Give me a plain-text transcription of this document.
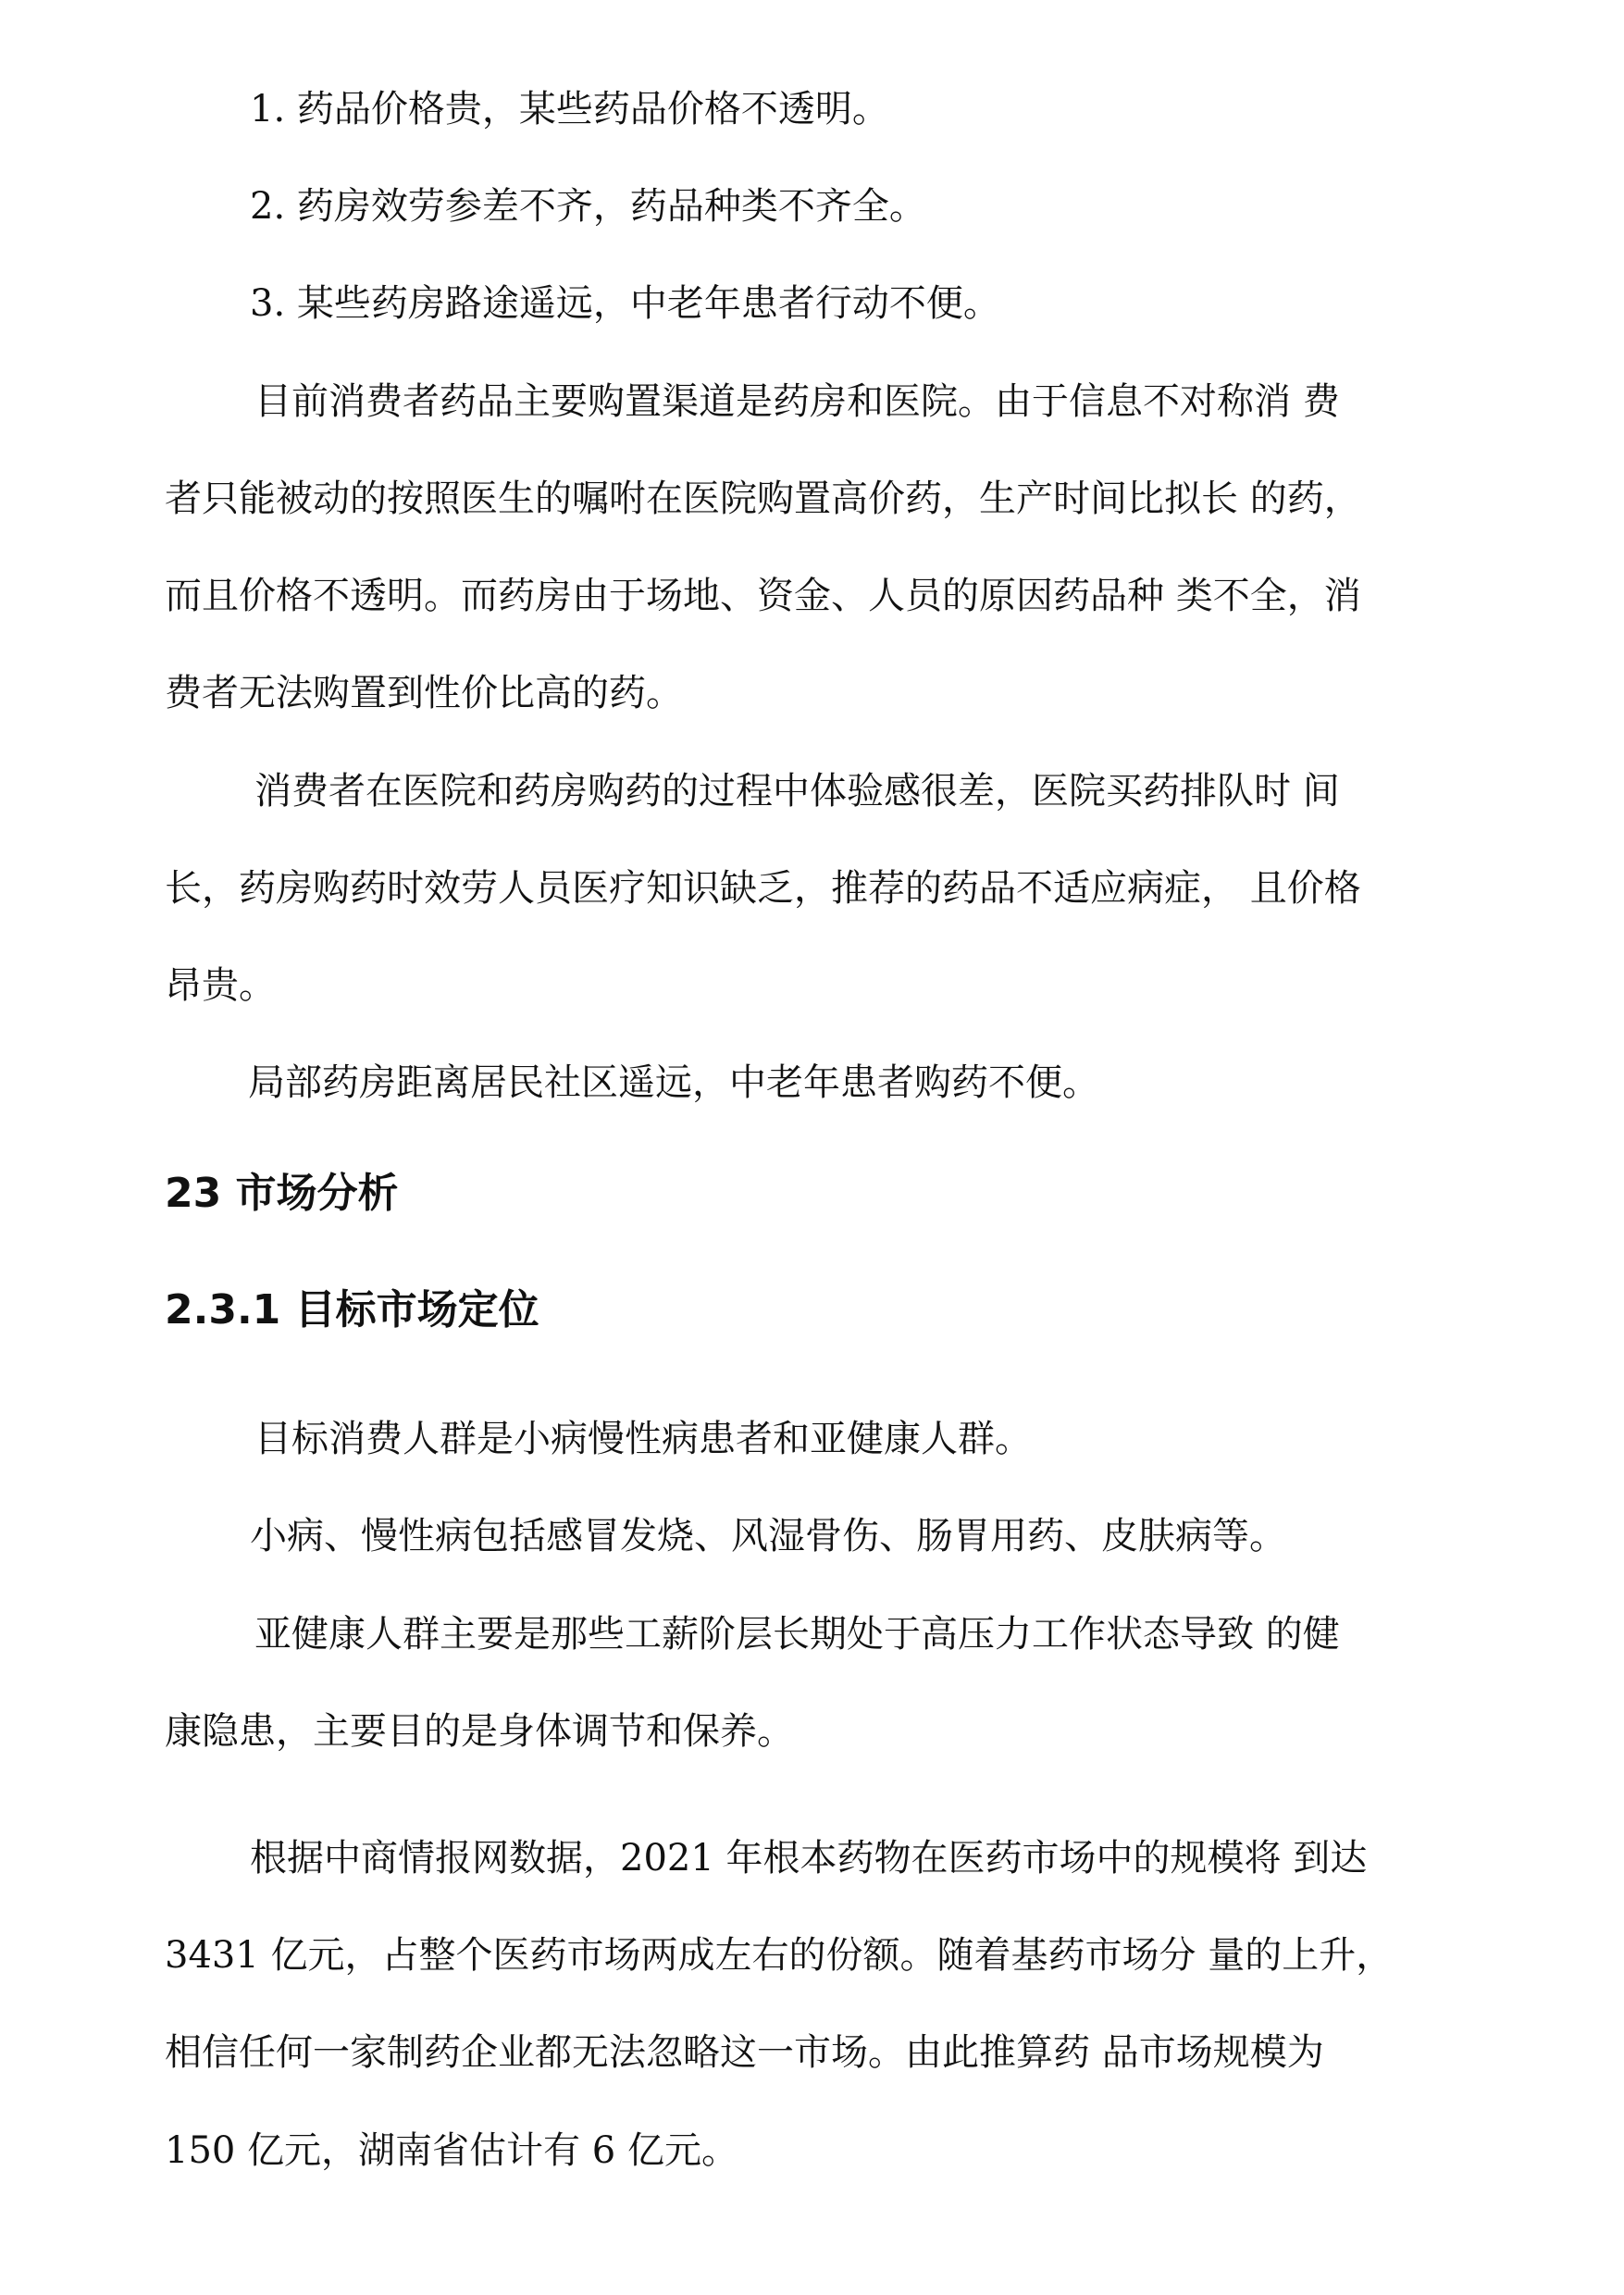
1. 药品价格贵，某些药品价格不透明。

2. 药房效劳参差不齐，药品种类不齐全。

3. 某些药房路途遥远，中老年患者行动不便。

目前消费者药品主要购置渠道是药房和医院。由于信息不对称消 费

者只能被动的按照医生的嘱咐在医院购置高价药，生产时间比拟长 的药，

而且价格不透明。而药房由于场地、资金、人员的原因药品种 类不全，消

费者无法购置到性价比高的药。

消费者在医院和药房购药的过程中体验感很差，医院买药排队时 间

长，药房购药时效劳人员医疗知识缺乏，推荐的药品不适应病症， 且价格

昂贵。

局部药房距离居民社区遥远，中老年患者购药不便。

23 市场分析
2.3.1 目标市场定位

目标消费人群是小病慢性病患者和亚健康人群。

小病、慢性病包括感冒发烧、风湿骨伤、肠胃用药、皮肤病等。

亚健康人群主要是那些工薪阶层长期处于高压力工作状态导致 的健

康隐患，主要目的是身体调节和保养。

根据中商情报网数据，2021 年根本药物在医药市场中的规模将 到达

3431 亿元，占整个医药市场两成左右的份额。随着基药市场分 量的上升，

相信任何一家制药企业都无法忽略这一市场。由此推算药 品市场规模为

150 亿元，湖南省估计有 6 亿元。
